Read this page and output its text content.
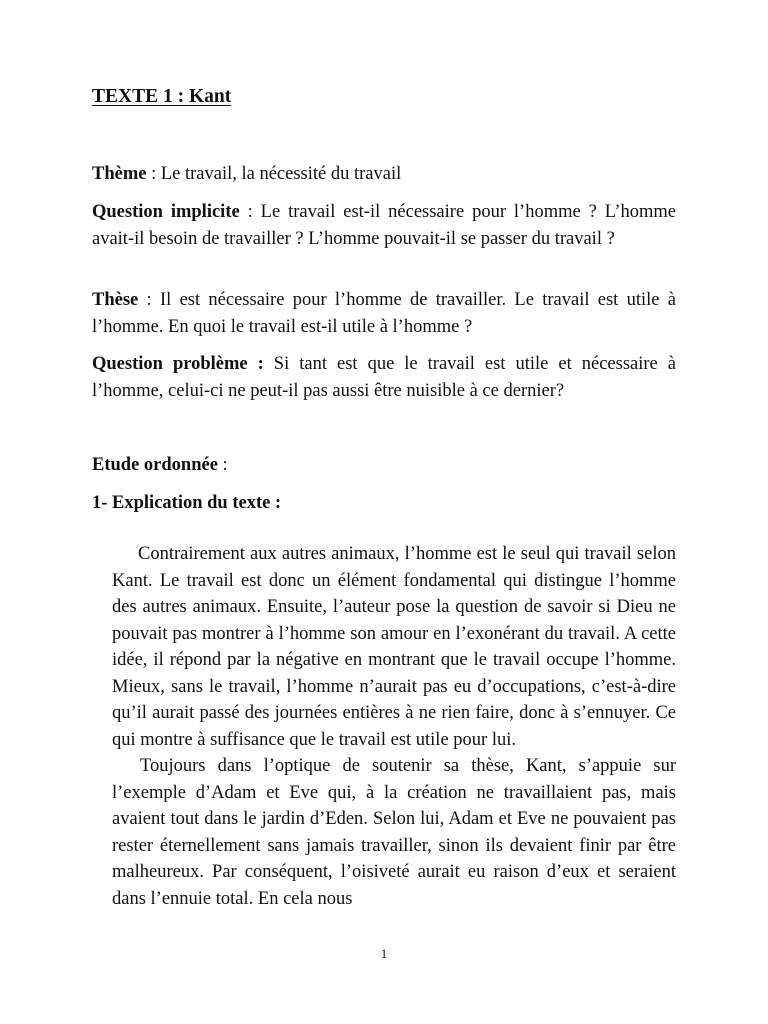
TEXTE 1 : Kant

Thème : Le travail, la nécessité du travail

Question implicite : Le travail est-il nécessaire pour l’homme ? L’homme avait-il besoin de travailler ? L’homme pouvait-il se passer du travail ?

Thèse : Il est nécessaire pour l’homme de travailler. Le travail est utile à l’homme. En quoi le travail est-il utile à l’homme ?

Question problème : Si tant est que le travail est utile et nécessaire à l’homme, celui-ci ne peut-il pas aussi être nuisible à ce dernier?

Etude ordonnée :

1- Explication du texte :

Contrairement aux autres animaux, l’homme est le seul qui travail selon Kant. Le travail est donc un élément fondamental qui distingue l’homme des autres animaux. Ensuite, l’auteur pose la question de savoir si Dieu ne pouvait pas montrer à l’homme son amour en l’exonérant du travail. A cette idée, il répond par la négative en montrant que le travail occupe l’homme. Mieux, sans le travail, l’homme n’aurait pas eu d’occupations, c’est-à-dire qu’il aurait passé des journées entières à ne rien faire, donc à s’ennuyer. Ce qui montre à suffisance que le travail est utile pour lui.

Toujours dans l’optique de soutenir sa thèse, Kant, s’appuie sur l’exemple d’Adam et Eve qui, à la création ne travaillaient pas, mais avaient tout dans le jardin d’Eden. Selon lui, Adam et Eve ne pouvaient pas rester éternellement sans jamais travailler, sinon ils devaient finir par être malheureux. Par conséquent, l’oisiveté aurait eu raison d’eux et seraient dans l’ennuie total. En cela nous

1
